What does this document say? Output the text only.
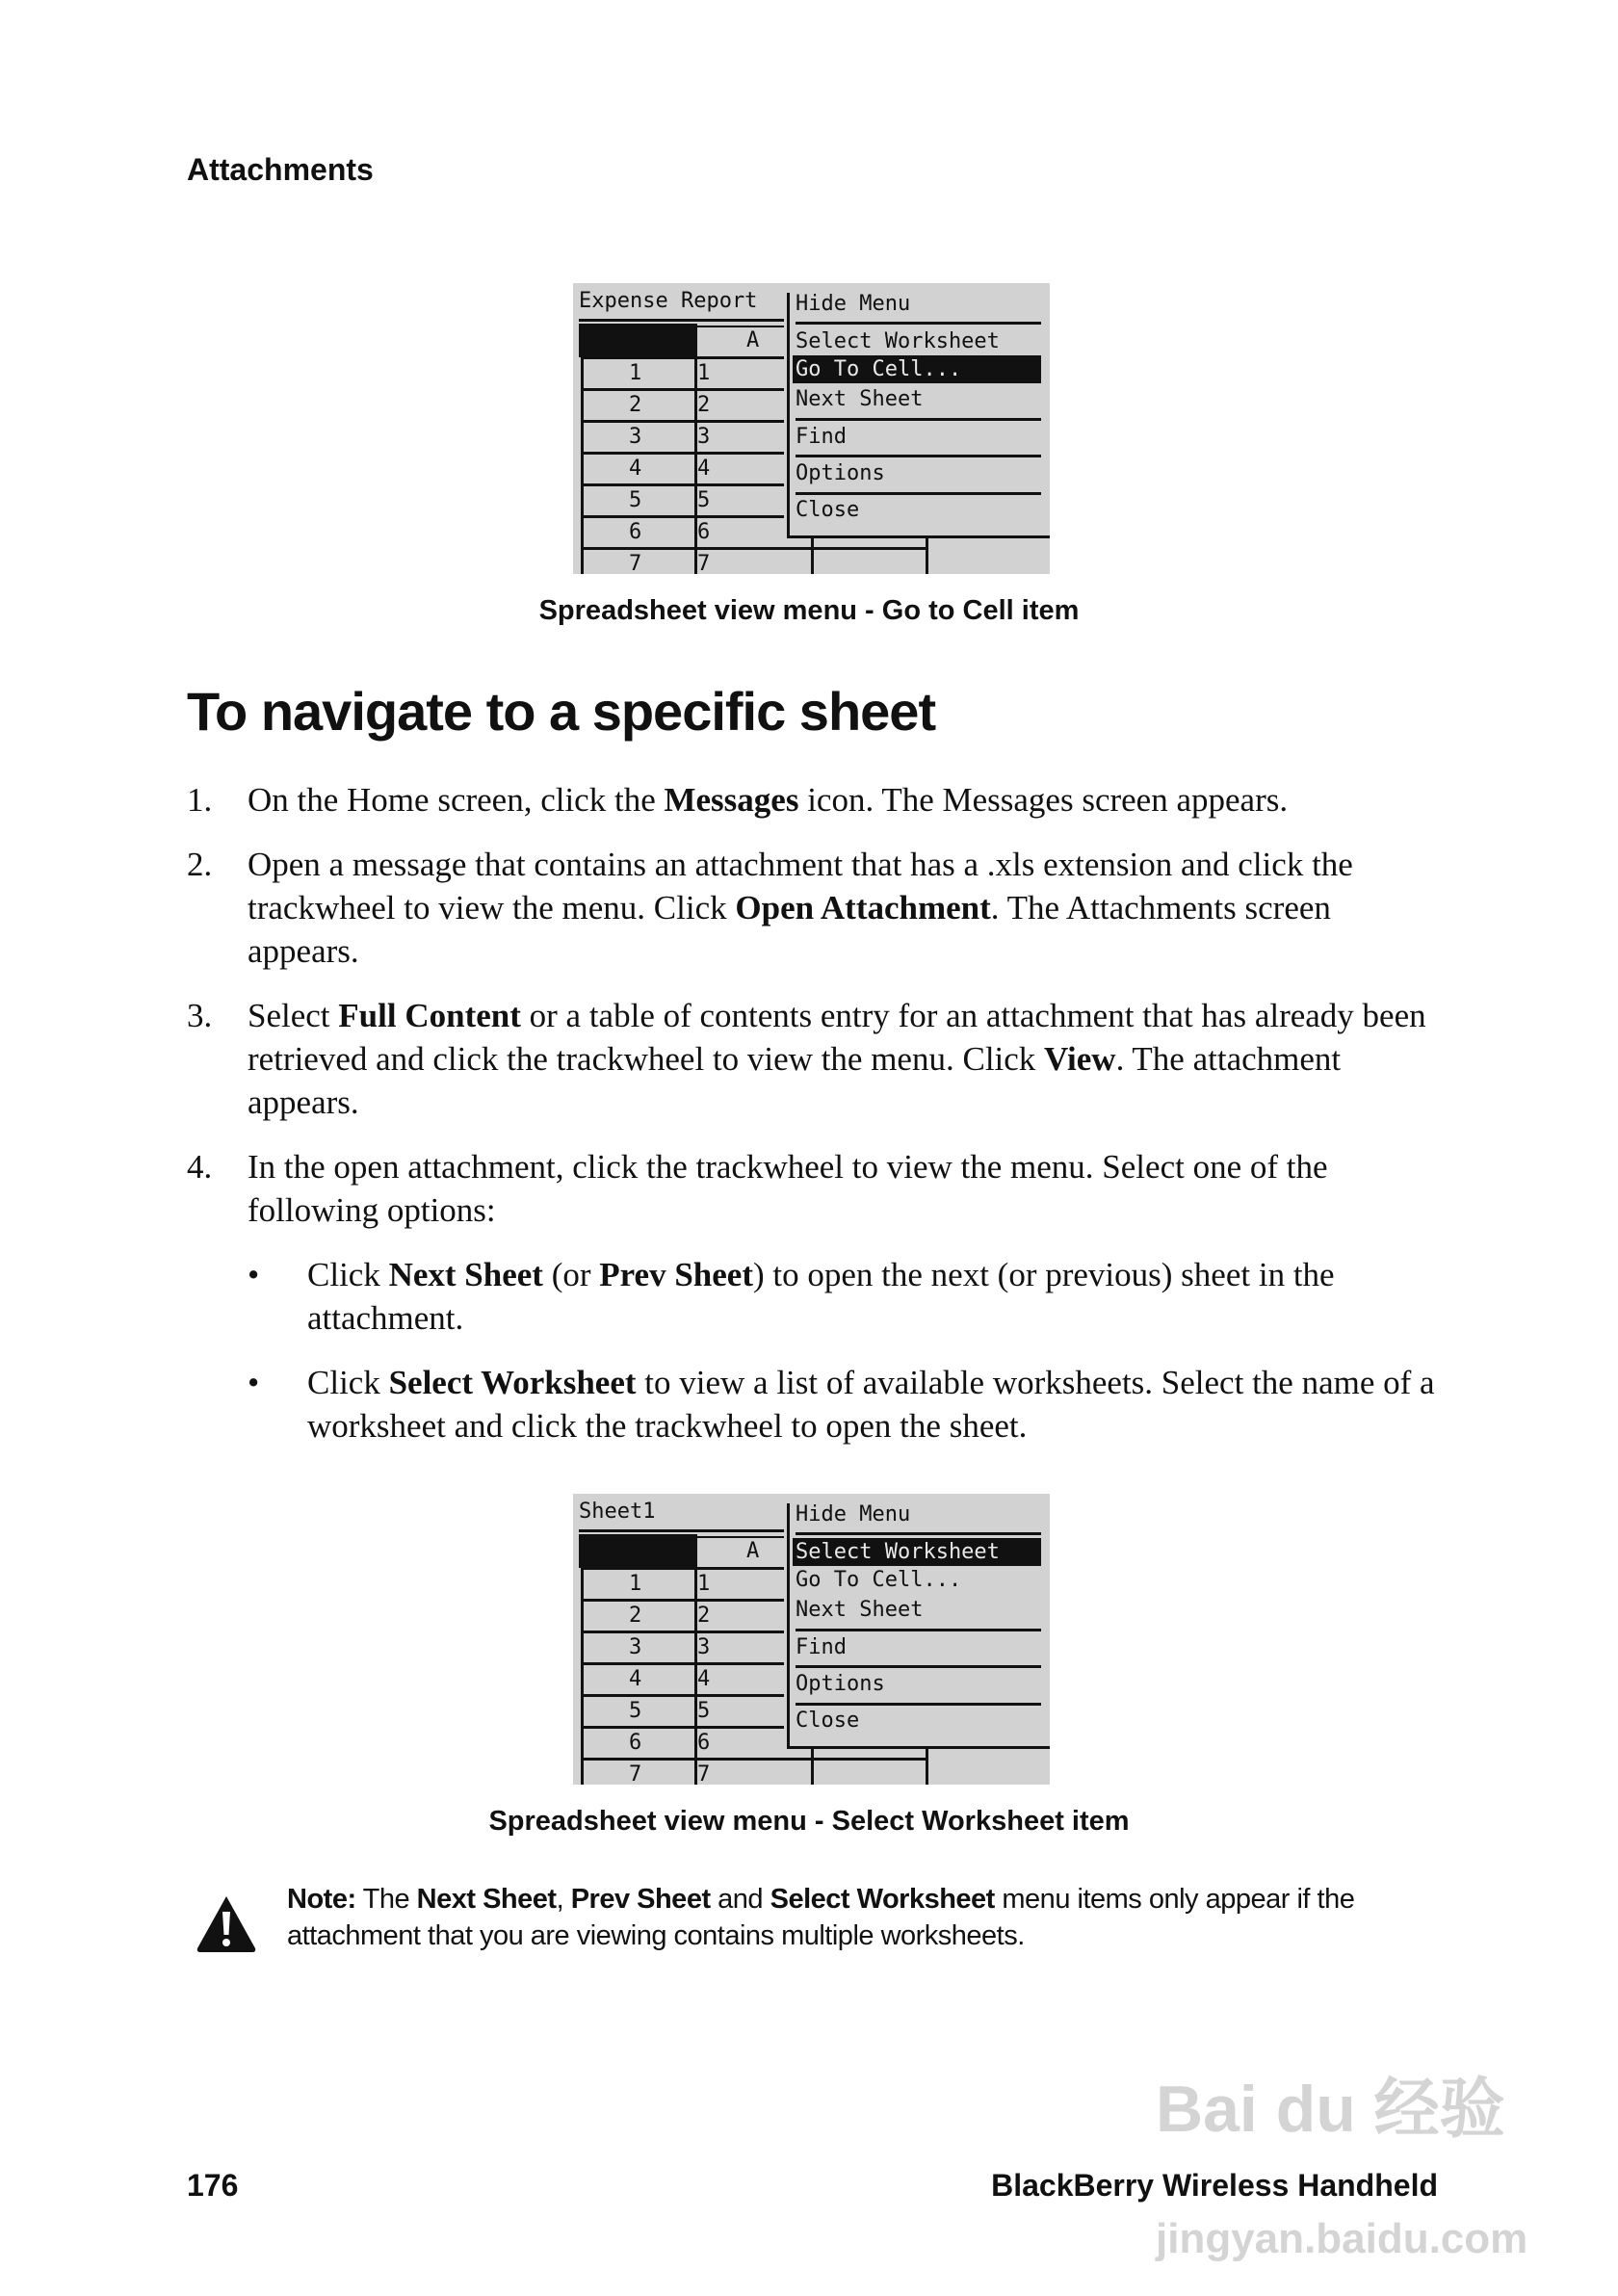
Attachments
Expense Report
A
1	1
2	2
3	3
4	4
5	5
6	6
7	7
Hide Menu
Select Worksheet
Go To Cell...
Next Sheet
Find
Options
Close
Spreadsheet view menu - Go to Cell item
To navigate to a specific sheet
1. On the Home screen, click the Messages icon. The Messages screen appears.
2. Open a message that contains an attachment that has a .xls extension and click the trackwheel to view the menu. Click Open Attachment. The Attachments screen appears.
3. Select Full Content or a table of contents entry for an attachment that has already been retrieved and click the trackwheel to view the menu. Click View. The attachment appears.
4. In the open attachment, click the trackwheel to view the menu. Select one of the following options:
• Click Next Sheet (or Prev Sheet) to open the next (or previous) sheet in the attachment.
• Click Select Worksheet to view a list of available worksheets. Select the name of a worksheet and click the trackwheel to open the sheet.
Sheet1
A
1	1
2	2
3	3
4	4
5	5
6	6
7	7
Hide Menu
Select Worksheet
Go To Cell...
Next Sheet
Find
Options
Close
Spreadsheet view menu - Select Worksheet item
Note: The Next Sheet, Prev Sheet and Select Worksheet menu items only appear if the attachment that you are viewing contains multiple worksheets.
176	BlackBerry Wireless Handheld
Bai du 经验
jingyan.baidu.com
